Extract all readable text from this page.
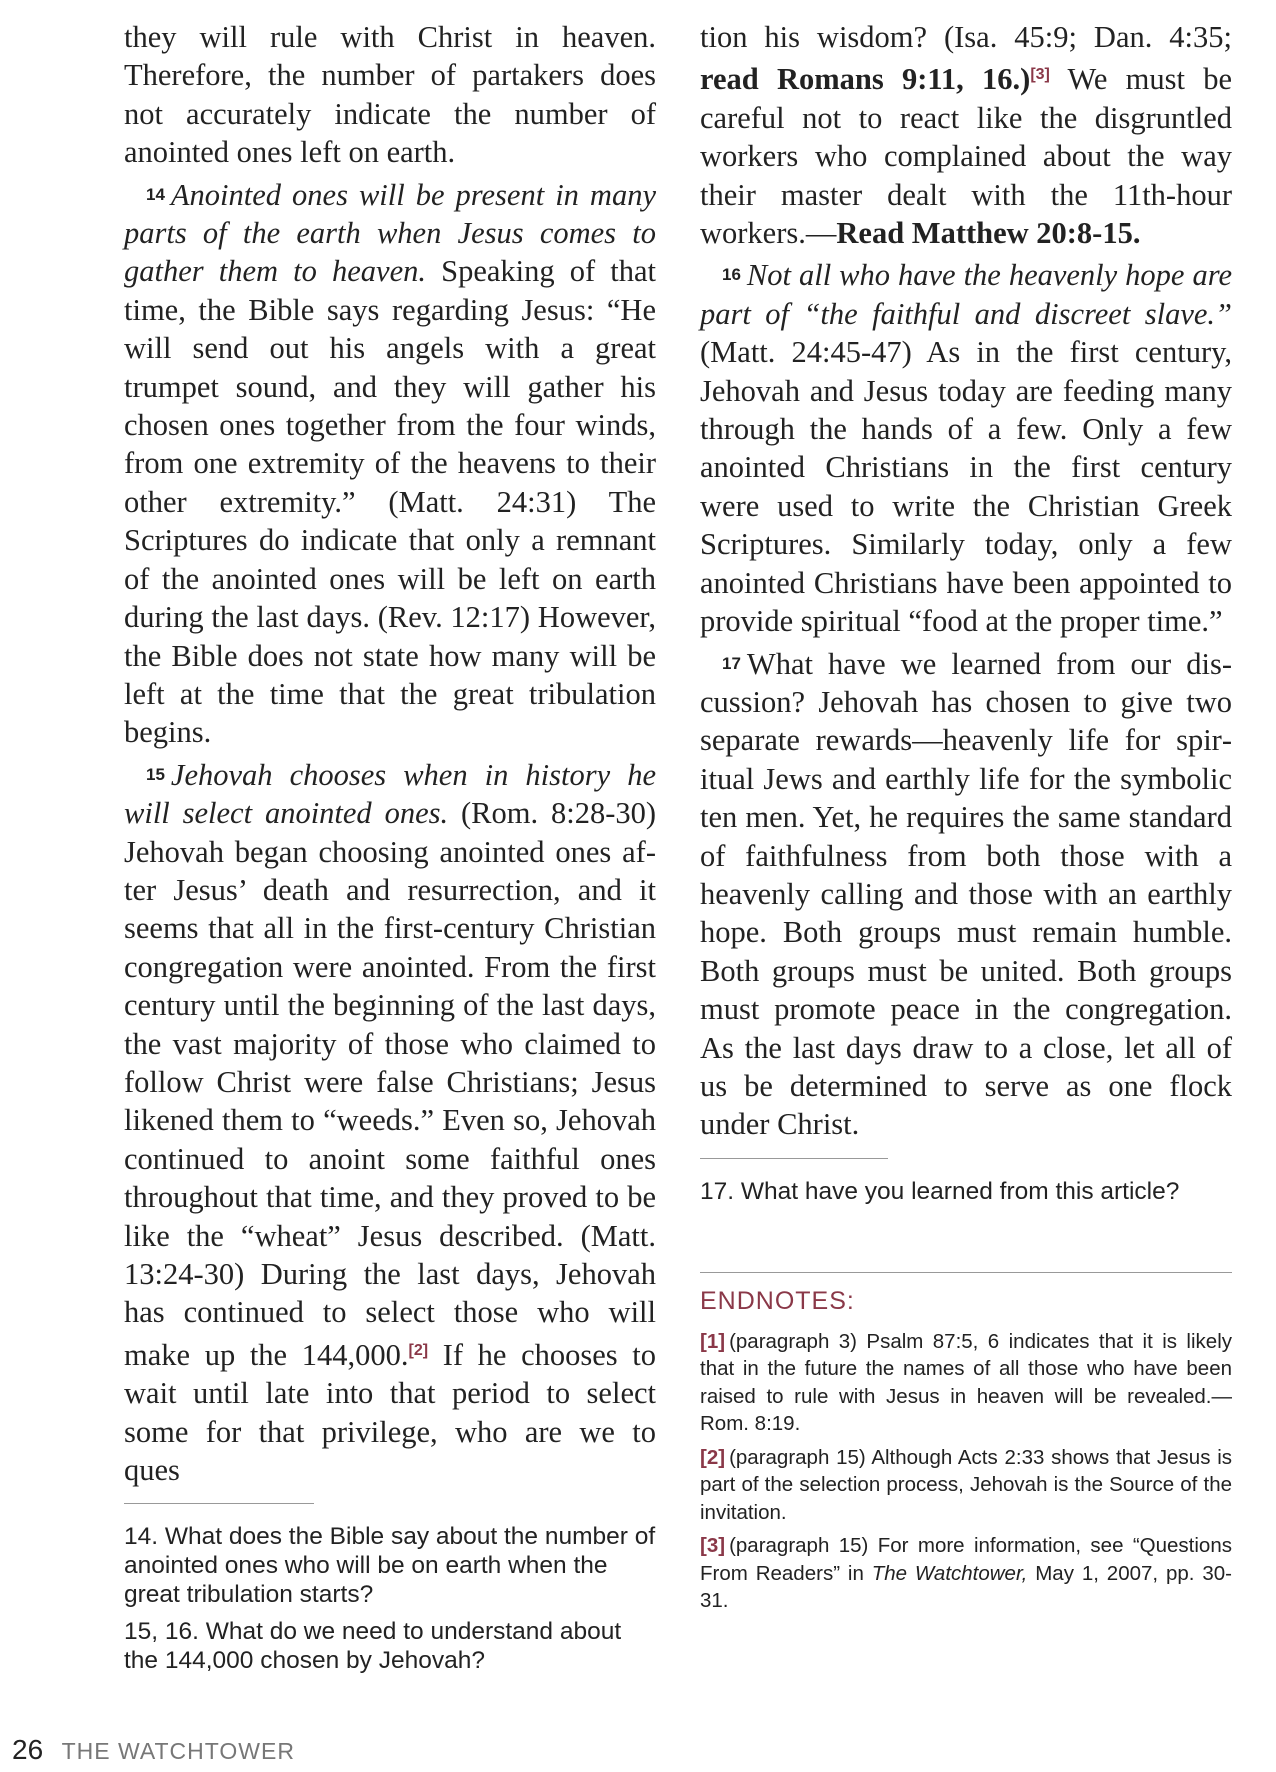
they will rule with Christ in heaven. Therefore, the number of partakers does not accurately indicate the number of anointed ones left on earth.

14 Anointed ones will be present in many parts of the earth when Jesus comes to gather them to heaven. Speaking of that time, the Bible says regarding Jesus: “He will send out his angels with a great trumpet sound, and they will gather his chosen ones together from the four winds, from one extremity of the heavens to their other extremity.” (Matt. 24:31) The Scriptures do indicate that only a remnant of the anointed ones will be left on earth during the last days. (Rev. 12:17) However, the Bible does not state how many will be left at the time that the great tribulation begins.

15 Jehovah chooses when in history he will select anointed ones. (Rom. 8:28-30) Jehovah began choosing anointed ones after Jesus’ death and resurrection, and it seems that all in the first-century Christian congregation were anointed. From the first century until the beginning of the last days, the vast majority of those who claimed to follow Christ were false Christians; Jesus likened them to “weeds.” Even so, Jehovah continued to anoint some faithful ones throughout that time, and they proved to be like the “wheat” Jesus described. (Matt. 13:24-30) During the last days, Jehovah has continued to select those who will make up the 144,000.[2] If he chooses to wait until late into that period to select some for that privilege, who are we to ques

14. What does the Bible say about the number of anointed ones who will be on earth when the great tribulation starts?

15, 16. What do we need to understand about the 144,000 chosen by Jehovah?

tion his wisdom? (Isa. 45:9; Dan. 4:35; read Romans 9:11, 16.)[3] We must be careful not to react like the disgruntled workers who complained about the way their master dealt with the 11th-hour workers.—Read Matthew 20:8-15.

16 Not all who have the heavenly hope are part of “the faithful and discreet slave.” (Matt. 24:45-47) As in the first century, Jehovah and Jesus today are feeding many through the hands of a few. Only a few anointed Christians in the first century were used to write the Christian Greek Scriptures. Similarly today, only a few anointed Christians have been appointed to provide spiritual “food at the proper time.”

17 What have we learned from our discussion? Jehovah has chosen to give two separate rewards—heavenly life for spiritual Jews and earthly life for the symbolic ten men. Yet, he requires the same standard of faithfulness from both those with a heavenly calling and those with an earthly hope. Both groups must remain humble. Both groups must be united. Both groups must promote peace in the congregation. As the last days draw to a close, let all of us be determined to serve as one flock under Christ.

17. What have you learned from this article?

ENDNOTES:

[1] (paragraph 3) Psalm 87:5, 6 indicates that it is likely that in the future the names of all those who have been raised to rule with Jesus in heaven will be revealed.—Rom. 8:19.

[2] (paragraph 15) Although Acts 2:33 shows that Jesus is part of the selection process, Jehovah is the Source of the invitation.

[3] (paragraph 15) For more information, see “Questions From Readers” in The Watchtower, May 1, 2007, pp. 30-31.

26 THE WATCHTOWER
